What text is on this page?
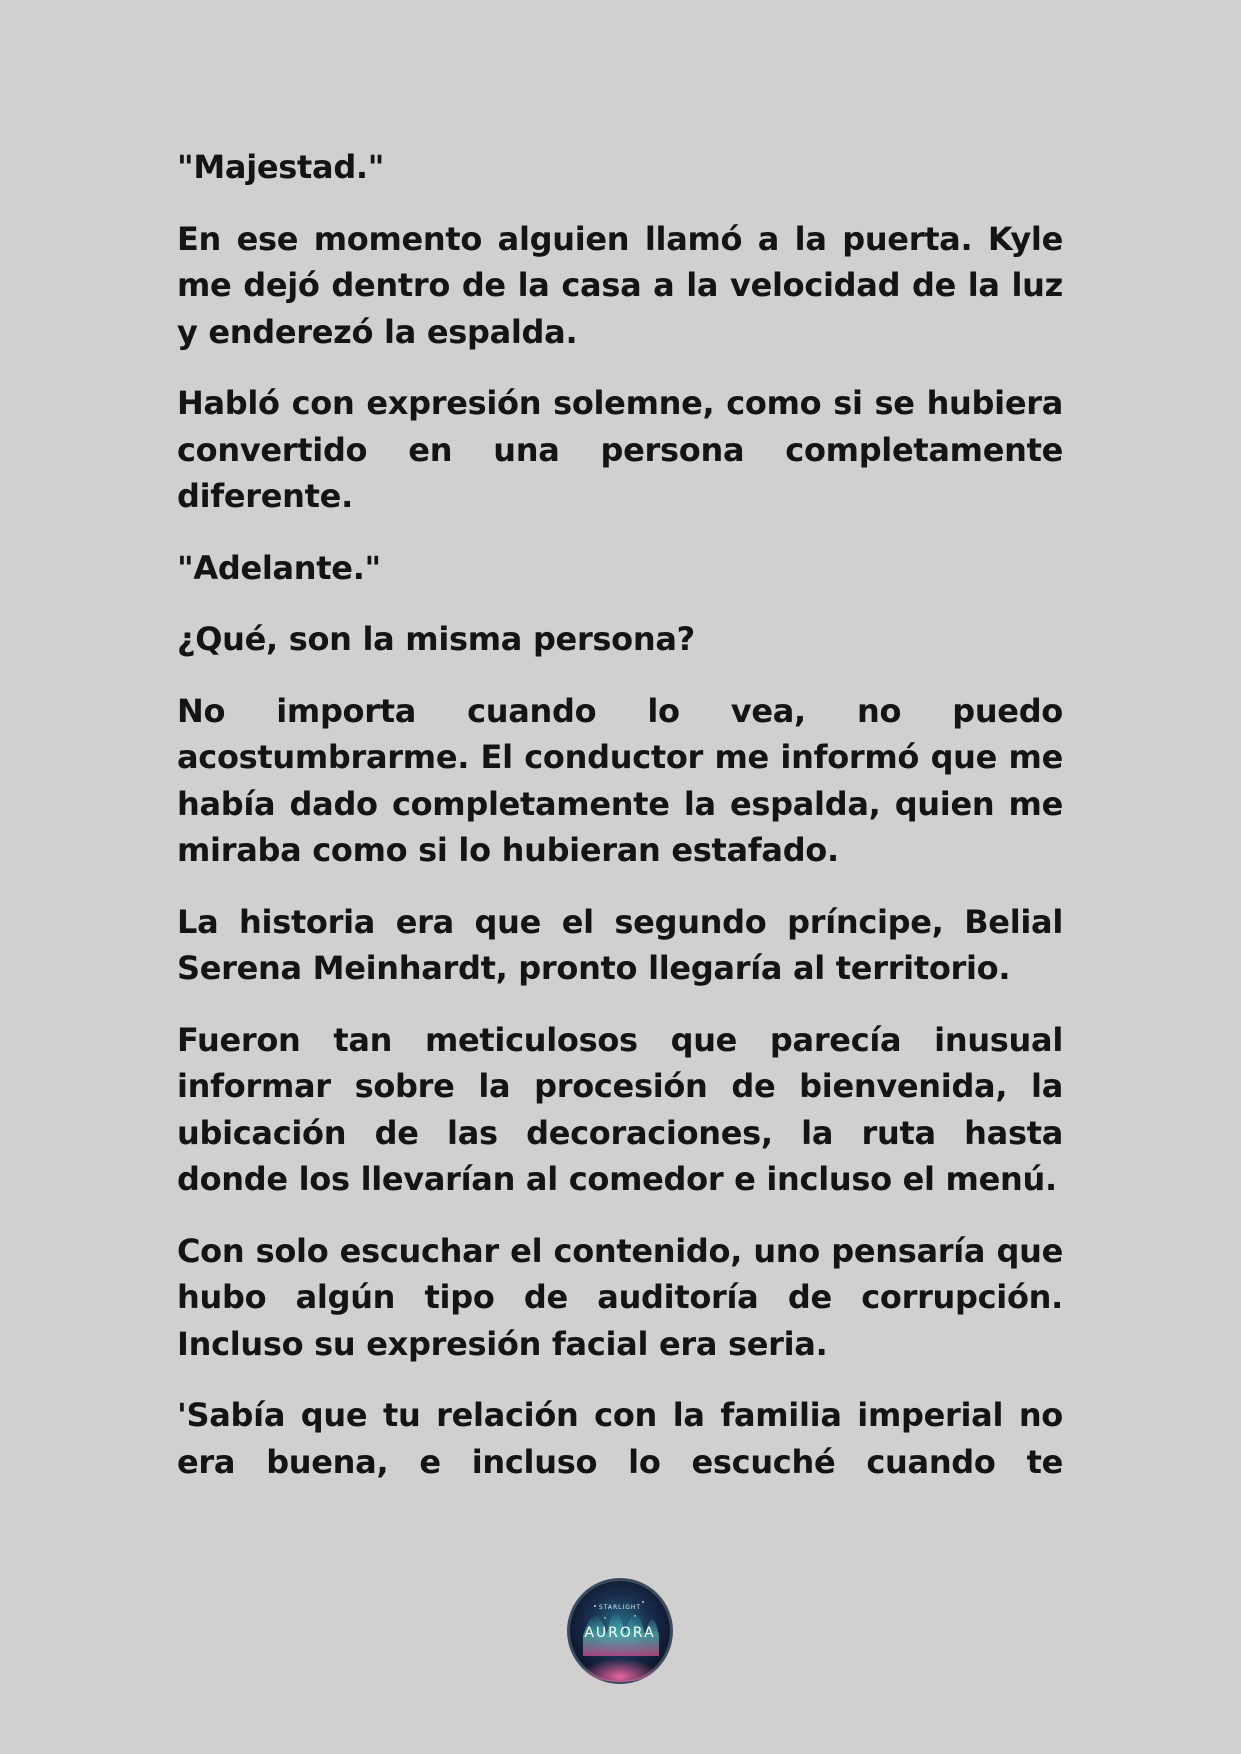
"Majestad."

En ese momento alguien llamó a la puerta. Kyle me dejó dentro de la casa a la velocidad de la luz y enderezó la espalda.

Habló con expresión solemne, como si se hubiera convertido en una persona completamente diferente.

"Adelante."

¿Qué, son la misma persona?

No importa cuando lo vea, no puedo acostumbrarme. El conductor me informó que me había dado completamente la espalda, quien me miraba como si lo hubieran estafado.

La historia era que el segundo príncipe, Belial Serena Meinhardt, pronto llegaría al territorio.

Fueron tan meticulosos que parecía inusual informar sobre la procesión de bienvenida, la ubicación de las decoraciones, la ruta hasta donde los llevarían al comedor e incluso el menú.

Con solo escuchar el contenido, uno pensaría que hubo algún tipo de auditoría de corrupción. Incluso su expresión facial era seria.

'Sabía que tu relación con la familia imperial no era buena, e incluso lo escuché cuando te

STARLIGHT
AURORA
